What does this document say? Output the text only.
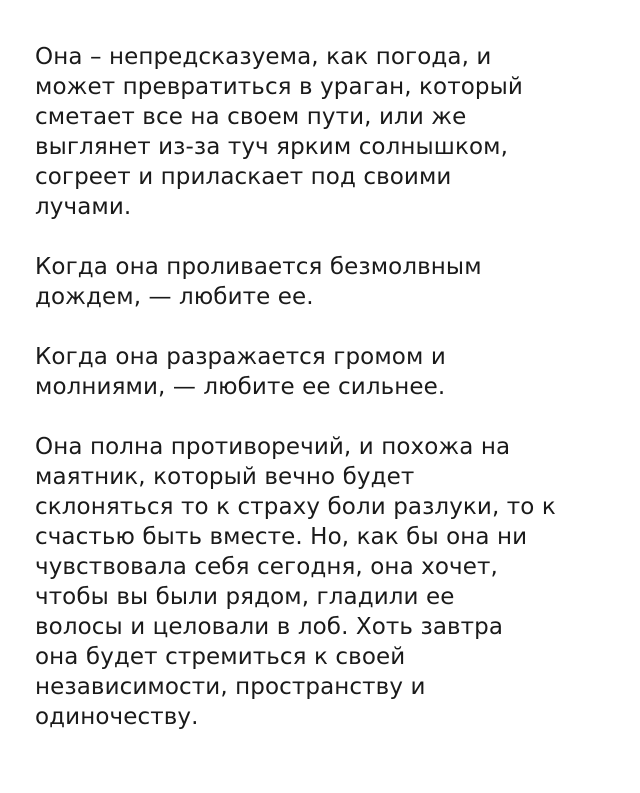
Она – непредсказуема, как погода, и
может превратиться в ураган, который
сметает все на своем пути, или же
выглянет из-за туч ярким солнышком,
согреет и приласкает под своими
лучами.

Когда она проливается безмолвным
дождем, — любите ее.

Когда она разражается громом и
молниями, — любите ее сильнее.

Она полна противоречий, и похожа на
маятник, который вечно будет
склоняться то к страху боли разлуки, то к
счастью быть вместе. Но, как бы она ни
чувствовала себя сегодня, она хочет,
чтобы вы были рядом, гладили ее
волосы и целовали в лоб. Хоть завтра
она будет стремиться к своей
независимости, пространству и
одиночеству.
